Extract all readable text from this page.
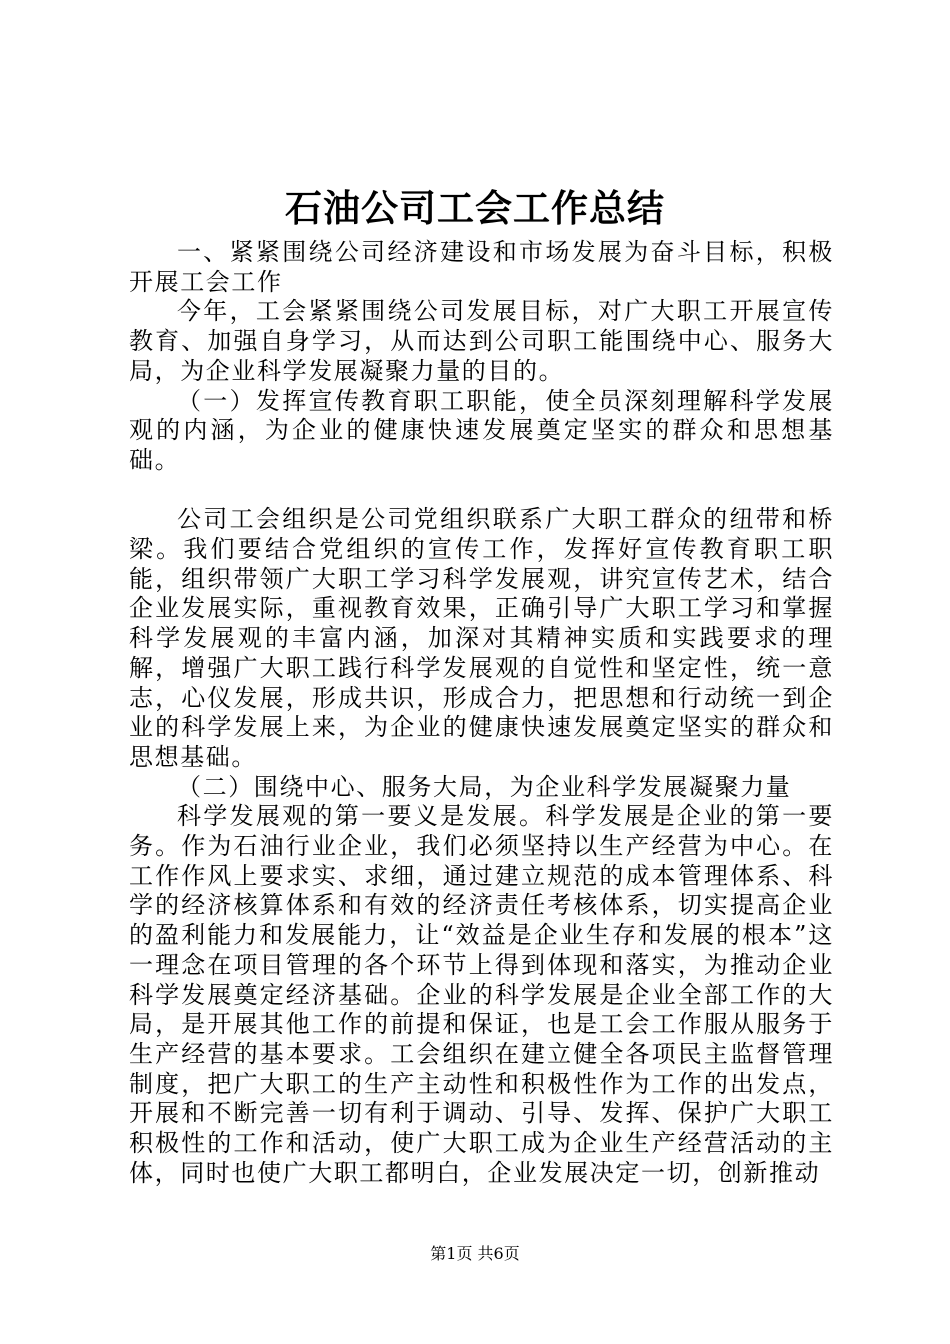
石油公司工会工作总结

一、紧紧围绕公司经济建设和市场发展为奋斗目标，积极开展工会工作

今年，工会紧紧围绕公司发展目标，对广大职工开展宣传教育、加强自身学习，从而达到公司职工能围绕中心、服务大局，为企业科学发展凝聚力量的目的。

（一）发挥宣传教育职工职能，使全员深刻理解科学发展观的内涵，为企业的健康快速发展奠定坚实的群众和思想基础。

公司工会组织是公司党组织联系广大职工群众的纽带和桥梁。我们要结合党组织的宣传工作，发挥好宣传教育职工职能，组织带领广大职工学习科学发展观，讲究宣传艺术，结合企业发展实际，重视教育效果，正确引导广大职工学习和掌握科学发展观的丰富内涵，加深对其精神实质和实践要求的理解，增强广大职工践行科学发展观的自觉性和坚定性，统一意志，心仪发展，形成共识，形成合力，把思想和行动统一到企业的科学发展上来，为企业的健康快速发展奠定坚实的群众和思想基础。

（二）围绕中心、服务大局，为企业科学发展凝聚力量

科学发展观的第一要义是发展。科学发展是企业的第一要务。作为石油行业企业，我们必须坚持以生产经营为中心。在工作作风上要求实、求细，通过建立规范的成本管理体系、科学的经济核算体系和有效的经济责任考核体系，切实提高企业的盈利能力和发展能力，让“效益是企业生存和发展的根本”这一理念在项目管理的各个环节上得到体现和落实，为推动企业科学发展奠定经济基础。企业的科学发展是企业全部工作的大局，是开展其他工作的前提和保证，也是工会工作服从服务于生产经营的基本要求。工会组织在建立健全各项民主监督管理制度，把广大职工的生产主动性和积极性作为工作的出发点，开展和不断完善一切有利于调动、引导、发挥、保护广大职工积极性的工作和活动，使广大职工成为企业生产经营活动的主体，同时也使广大职工都明白，企业发展决定一切，创新推动

第1页 共6页
